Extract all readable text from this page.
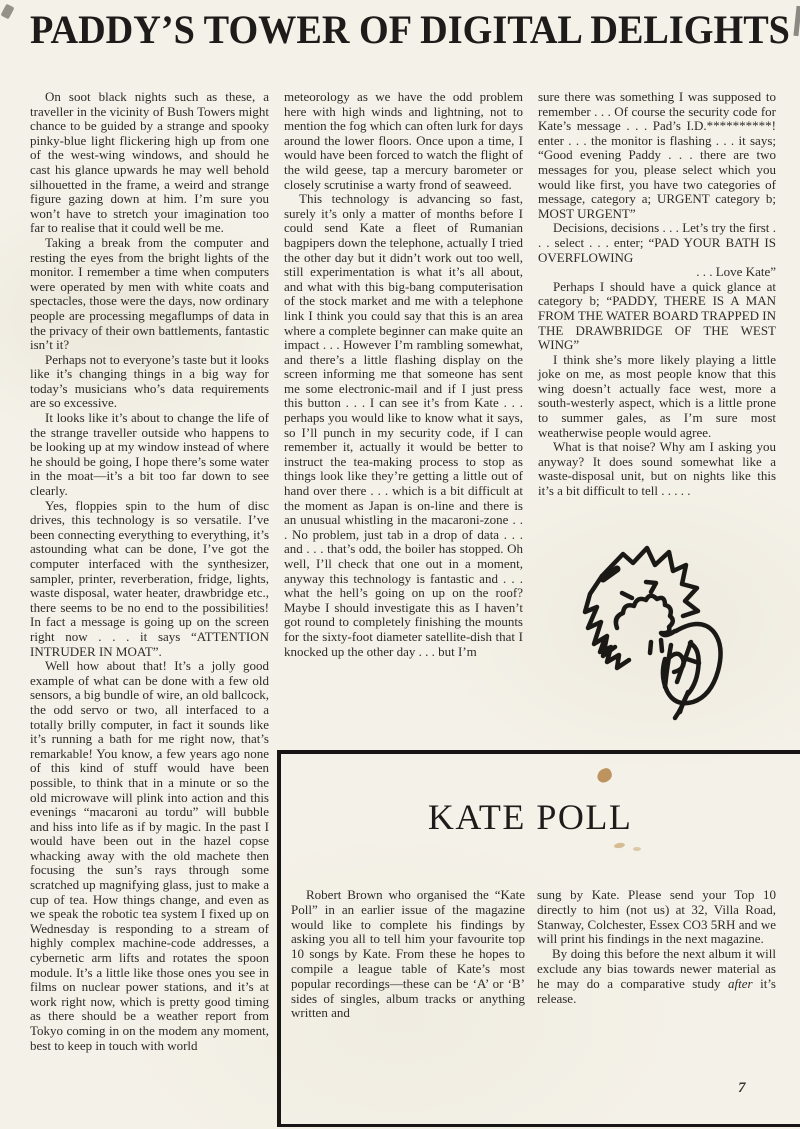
PADDY’S TOWER OF DIGITAL DELIGHTS

On soot black nights such as these, a traveller in the vicinity of Bush Towers might chance to be guided by a strange and spooky pinky-blue light flickering high up from one of the west-wing windows, and should he cast his glance upwards he may well behold silhouetted in the frame, a weird and strange figure gazing down at him. I’m sure you won’t have to stretch your imagination too far to realise that it could well be me.

Taking a break from the computer and resting the eyes from the bright lights of the monitor. I remember a time when computers were operated by men with white coats and spectacles, those were the days, now ordinary people are processing megaflumps of data in the privacy of their own battlements, fantastic isn’t it?

Perhaps not to everyone’s taste but it looks like it’s changing things in a big way for today’s musicians who’s data requirements are so excessive.

It looks like it’s about to change the life of the strange traveller outside who happens to be looking up at my window instead of where he should be going, I hope there’s some water in the moat—it’s a bit too far down to see clearly.

Yes, floppies spin to the hum of disc drives, this technology is so versatile. I’ve been connecting everything to everything, it’s astounding what can be done, I’ve got the computer interfaced with the synthesizer, sampler, printer, reverberation, fridge, lights, waste disposal, water heater, drawbridge etc., there seems to be no end to the possibilities! In fact a message is going up on the screen right now . . . it says “ATTENTION INTRUDER IN MOAT”.

Well how about that! It’s a jolly good example of what can be done with a few old sensors, a big bundle of wire, an old ballcock, the odd servo or two, all interfaced to a totally brilly computer, in fact it sounds like it’s running a bath for me right now, that’s remarkable! You know, a few years ago none of this kind of stuff would have been possible, to think that in a minute or so the old microwave will plink into action and this evenings “macaroni au tordu” will bubble and hiss into life as if by magic. In the past I would have been out in the hazel copse whacking away with the old machete then focusing the sun’s rays through some scratched up magnifying glass, just to make a cup of tea. How things change, and even as we speak the robotic tea system I fixed up on Wednesday is responding to a stream of highly complex machine-code addresses, a cybernetic arm lifts and rotates the spoon module. It’s a little like those ones you see in films on nuclear power stations, and it’s at work right now, which is pretty good timing as there should be a weather report from Tokyo coming in on the modem any moment, best to keep in touch with world

meteorology as we have the odd problem here with high winds and lightning, not to mention the fog which can often lurk for days around the lower floors. Once upon a time, I would have been forced to watch the flight of the wild geese, tap a mercury barometer or closely scrutinise a warty frond of seaweed.

This technology is advancing so fast, surely it’s only a matter of months before I could send Kate a fleet of Rumanian bagpipers down the telephone, actually I tried the other day but it didn’t work out too well, still experimentation is what it’s all about, and what with this big-bang computerisation of the stock market and me with a telephone link I think you could say that this is an area where a complete beginner can make quite an impact . . . However I’m rambling somewhat, and there’s a little flashing display on the screen informing me that someone has sent me some electronic-mail and if I just press this button . . . I can see it’s from Kate . . . perhaps you would like to know what it says, so I’ll punch in my security code, if I can remember it, actually it would be better to instruct the tea-making process to stop as things look like they’re getting a little out of hand over there . . . which is a bit difficult at the moment as Japan is on-line and there is an unusual whistling in the macaroni-zone . . . No problem, just tab in a drop of data . . . and . . . that’s odd, the boiler has stopped. Oh well, I’ll check that one out in a moment, anyway this technology is fantastic and . . . what the hell’s going on up on the roof? Maybe I should investigate this as I haven’t got round to completely finishing the mounts for the sixty-foot diameter satellite-dish that I knocked up the other day . . . but I’m

sure there was something I was supposed to remember . . . Of course the security code for Kate’s message . . . Pad’s I.D.**********! enter . . . the monitor is flashing . . . it says; “Good evening Paddy . . . there are two messages for you, please select which you would like first, you have two categories of message, category a; URGENT category b; MOST URGENT”

Decisions, decisions . . . Let’s try the first . . . select . . . enter; “PAD YOUR BATH IS OVERFLOWING

. . . Love Kate”

Perhaps I should have a quick glance at category b; “PADDY, THERE IS A MAN FROM THE WATER BOARD TRAPPED IN THE DRAWBRIDGE OF THE WEST WING”

I think she’s more likely playing a little joke on me, as most people know that this wing doesn’t actually face west, more a south-westerly aspect, which is a little prone to summer gales, as I’m sure most weatherwise people would agree.

What is that noise? Why am I asking you anyway? It does sound somewhat like a waste-disposal unit, but on nights like this it’s a bit difficult to tell . . . . .

KATE POLL

Robert Brown who organised the “Kate Poll” in an earlier issue of the magazine would like to complete his findings by asking you all to tell him your favourite top 10 songs by Kate. From these he hopes to compile a league table of Kate’s most popular recordings—these can be ‘A’ or ‘B’ sides of singles, album tracks or anything written and

sung by Kate. Please send your Top 10 directly to him (not us) at 32, Villa Road, Stanway, Colchester, Essex CO3 5RH and we will print his findings in the next magazine.

By doing this before the next album it will exclude any bias towards newer material as he may do a comparative study after it’s release.

7
